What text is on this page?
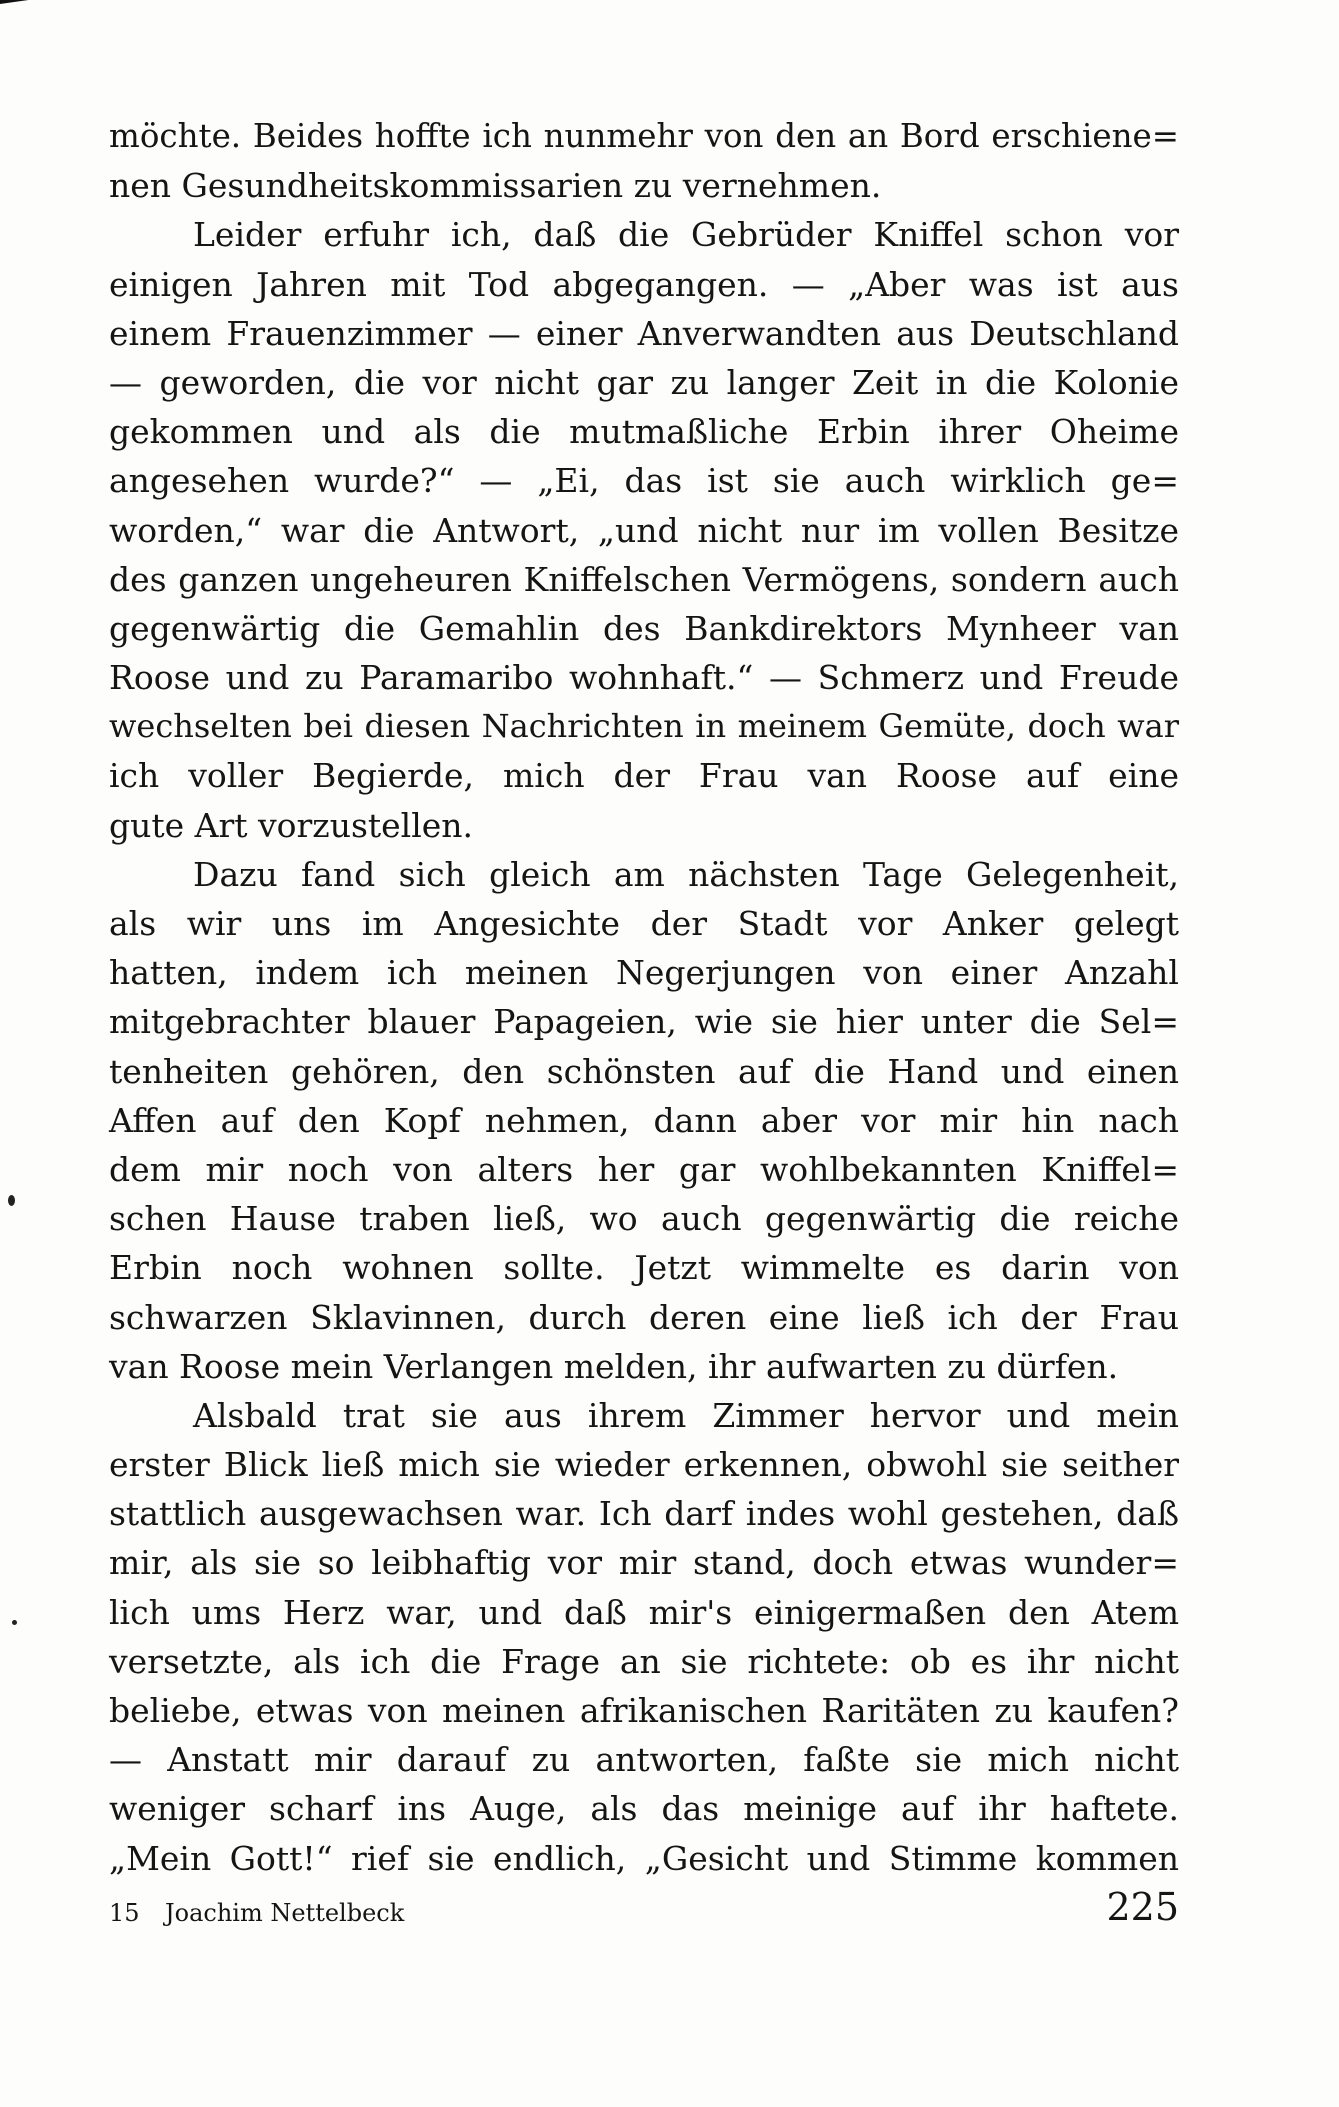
möchte. Beides hoffte ich nunmehr von den an Bord erschiene=
nen Gesundheitskommissarien zu vernehmen.
Leider erfuhr ich, daß die Gebrüder Kniffel schon vor
einigen Jahren mit Tod abgegangen. — „Aber was ist aus
einem Frauenzimmer — einer Anverwandten aus Deutschland
— geworden, die vor nicht gar zu langer Zeit in die Kolonie
gekommen und als die mutmaßliche Erbin ihrer Oheime
angesehen wurde?“ — „Ei, das ist sie auch wirklich ge=
worden,“ war die Antwort, „und nicht nur im vollen Besitze
des ganzen ungeheuren Kniffelschen Vermögens, sondern auch
gegenwärtig die Gemahlin des Bankdirektors Mynheer van
Roose und zu Paramaribo wohnhaft.“ — Schmerz und Freude
wechselten bei diesen Nachrichten in meinem Gemüte, doch war
ich voller Begierde, mich der Frau van Roose auf eine
gute Art vorzustellen.
Dazu fand sich gleich am nächsten Tage Gelegenheit,
als wir uns im Angesichte der Stadt vor Anker gelegt
hatten, indem ich meinen Negerjungen von einer Anzahl
mitgebrachter blauer Papageien, wie sie hier unter die Sel=
tenheiten gehören, den schönsten auf die Hand und einen
Affen auf den Kopf nehmen, dann aber vor mir hin nach
dem mir noch von alters her gar wohlbekannten Kniffel=
schen Hause traben ließ, wo auch gegenwärtig die reiche
Erbin noch wohnen sollte. Jetzt wimmelte es darin von
schwarzen Sklavinnen, durch deren eine ließ ich der Frau
van Roose mein Verlangen melden, ihr aufwarten zu dürfen.
Alsbald trat sie aus ihrem Zimmer hervor und mein
erster Blick ließ mich sie wieder erkennen, obwohl sie seither
stattlich ausgewachsen war. Ich darf indes wohl gestehen, daß
mir, als sie so leibhaftig vor mir stand, doch etwas wunder=
lich ums Herz war, und daß mir's einigermaßen den Atem
versetzte, als ich die Frage an sie richtete: ob es ihr nicht
beliebe, etwas von meinen afrikanischen Raritäten zu kaufen?
— Anstatt mir darauf zu antworten, faßte sie mich nicht
weniger scharf ins Auge, als das meinige auf ihr haftete.
„Mein Gott!“ rief sie endlich, „Gesicht und Stimme kommen
15 Joachim Nettelbeck	225
